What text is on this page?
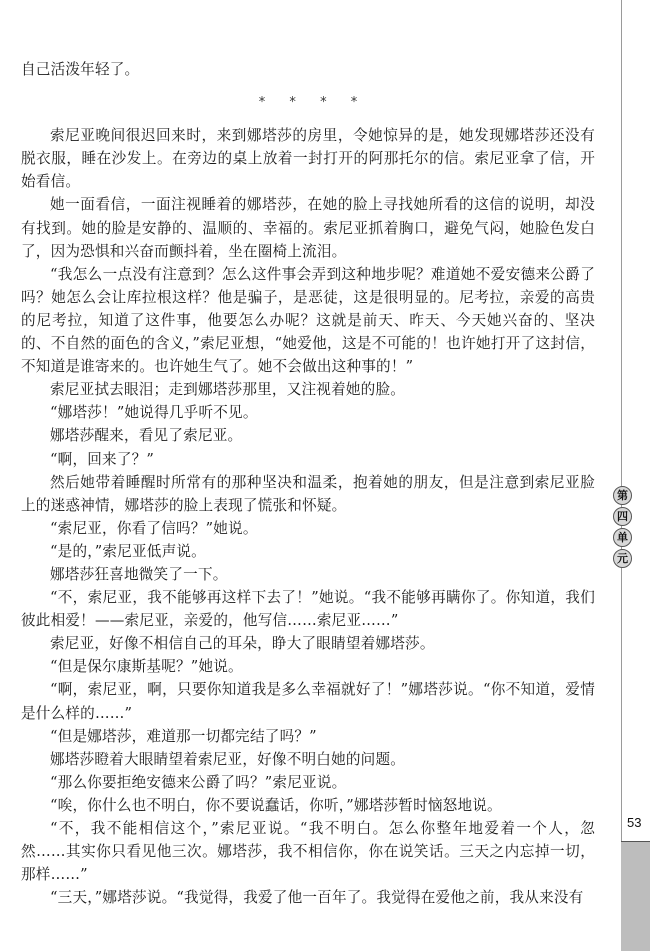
自己活泼年轻了。

* * * *

索尼亚晚间很迟回来时，来到娜塔莎的房里，令她惊异的是，她发现娜塔莎还没有脱衣服，睡在沙发上。在旁边的桌上放着一封打开的阿那托尔的信。索尼亚拿了信，开始看信。

她一面看信，一面注视睡着的娜塔莎，在她的脸上寻找她所看的这信的说明，却没有找到。她的脸是安静的、温顺的、幸福的。索尼亚抓着胸口，避免气闷，她脸色发白了，因为恐惧和兴奋而颤抖着，坐在圈椅上流泪。

“我怎么一点没有注意到？怎么这件事会弄到这种地步呢？难道她不爱安德来公爵了吗？她怎么会让库拉根这样？他是骗子，是恶徒，这是很明显的。尼考拉，亲爱的高贵的尼考拉，知道了这件事，他要怎么办呢？这就是前天、昨天、今天她兴奋的、坚决的、不自然的面色的含义，”索尼亚想，“她爱他，这是不可能的！也许她打开了这封信，不知道是谁寄来的。也许她生气了。她不会做出这种事的！”

索尼亚拭去眼泪；走到娜塔莎那里，又注视着她的脸。

“娜塔莎！”她说得几乎听不见。

娜塔莎醒来，看见了索尼亚。

“啊，回来了？”

然后她带着睡醒时所常有的那种坚决和温柔，抱着她的朋友，但是注意到索尼亚脸上的迷惑神情，娜塔莎的脸上表现了慌张和怀疑。

“索尼亚，你看了信吗？”她说。

“是的，”索尼亚低声说。

娜塔莎狂喜地微笑了一下。

“不，索尼亚，我不能够再这样下去了！”她说。“我不能够再瞒你了。你知道，我们彼此相爱！——索尼亚，亲爱的，他写信……索尼亚……”

索尼亚，好像不相信自己的耳朵，睁大了眼睛望着娜塔莎。

“但是保尔康斯基呢？”她说。

“啊，索尼亚，啊，只要你知道我是多么幸福就好了！”娜塔莎说。“你不知道，爱情是什么样的……”

“但是娜塔莎，难道那一切都完结了吗？”

娜塔莎瞪着大眼睛望着索尼亚，好像不明白她的问题。

“那么你要拒绝安德来公爵了吗？”索尼亚说。

“唉，你什么也不明白，你不要说蠢话，你听，”娜塔莎暂时恼怒地说。

“不，我不能相信这个，”索尼亚说。“我不明白。怎么你整年地爱着一个人，忽然……其实你只看见他三次。娜塔莎，我不相信你，你在说笑话。三天之内忘掉一切，那样……”

“三天，”娜塔莎说。“我觉得，我爱了他一百年了。我觉得在爱他之前，我从来没有

第
四
单
元
53
